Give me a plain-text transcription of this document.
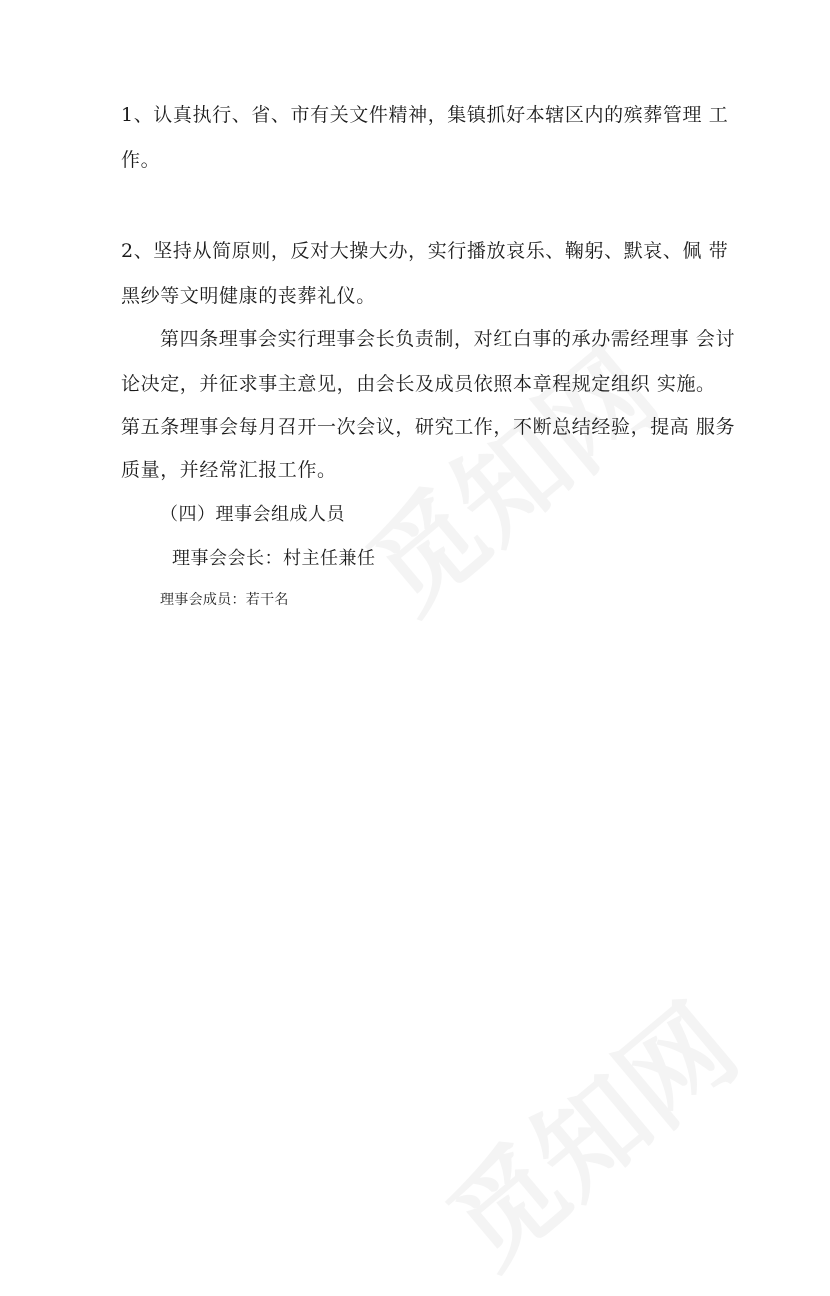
1、认真执行、省、市有关文件精神，集镇抓好本辖区内的殡葬管理 工
作。
2、坚持从简原则，反对大操大办，实行播放哀乐、鞠躬、默哀、佩 带
黑纱等文明健康的丧葬礼仪。
第四条理事会实行理事会长负责制，对红白事的承办需经理事 会讨
论决定，并征求事主意见，由会长及成员依照本章程规定组织 实施。
第五条理事会每月召开一次会议，研究工作，不断总结经验，提高 服务
质量，并经常汇报工作。
（四）理事会组成人员
理事会会长：村主任兼任
理事会成员：若干名
